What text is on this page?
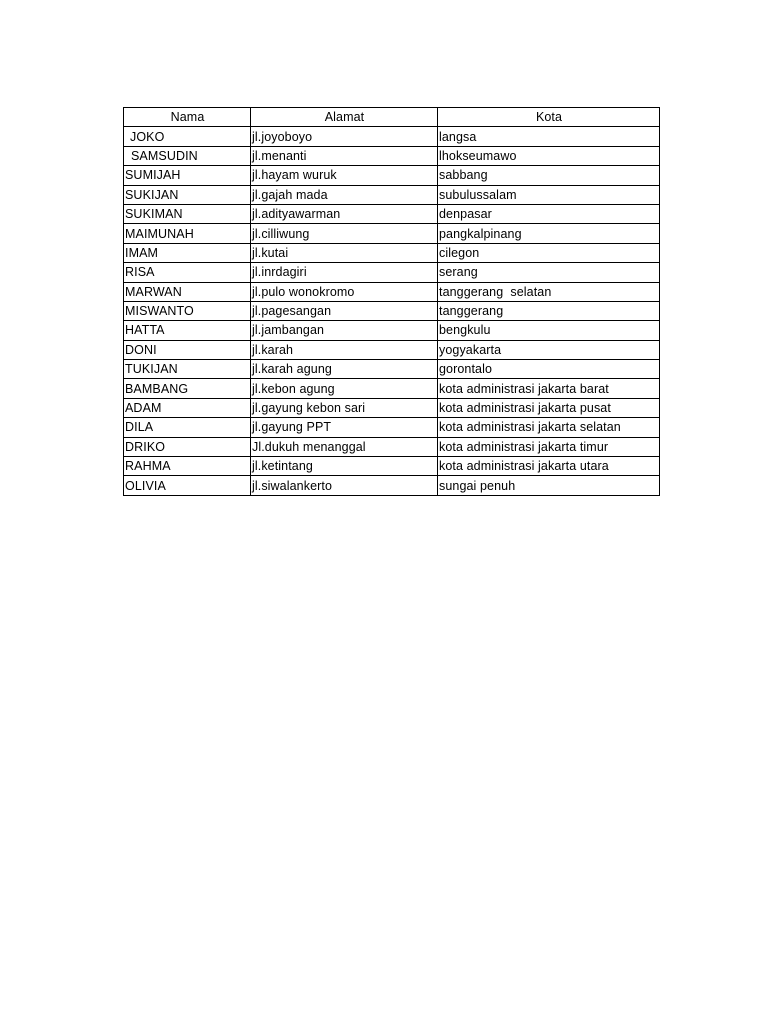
Nama	Alamat	Kota
JOKO	jl.joyoboyo	langsa
SAMSUDIN	jl.menanti	lhokseumawo
SUMIJAH	jl.hayam wuruk	sabbang
SUKIJAN	jl.gajah mada	subulussalam
SUKIMAN	jl.adityawarman	denpasar
MAIMUNAH	jl.cilliwung	pangkalpinang
IMAM	jl.kutai	cilegon
RISA	jl.inrdagiri	serang
MARWAN	jl.pulo wonokromo	tanggerang  selatan
MISWANTO	jl.pagesangan	tanggerang
HATTA	jl.jambangan	bengkulu
DONI	jl.karah	yogyakarta
TUKIJAN	jl.karah agung	gorontalo
BAMBANG	jl.kebon agung	kota administrasi jakarta barat
ADAM	jl.gayung kebon sari	kota administrasi jakarta pusat
DILA	jl.gayung PPT	kota administrasi jakarta selatan
DRIKO	Jl.dukuh menanggal	kota administrasi jakarta timur
RAHMA	jl.ketintang	kota administrasi jakarta utara
OLIVIA	jl.siwalankerto	sungai penuh
